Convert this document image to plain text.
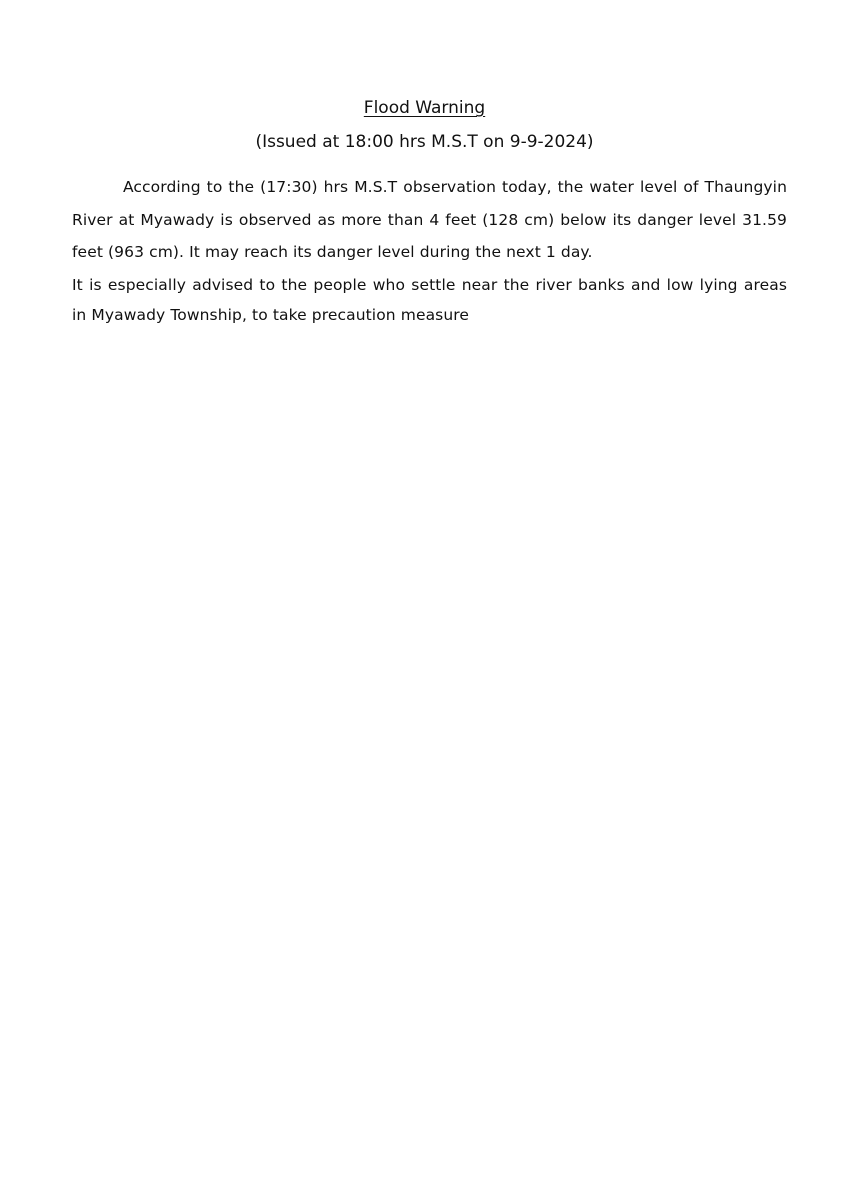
Flood Warning

(Issued at 18:00 hrs M.S.T on 9-9-2024)

According to the (17:30) hrs M.S.T observation today, the water level of Thaungyin River at Myawady is observed as more than 4 feet (128 cm) below its danger level 31.59 feet (963 cm). It may reach its danger level during the next 1 day.

It is especially advised to the people who settle near the river banks and low lying areas in Myawady Township, to take precaution measure
